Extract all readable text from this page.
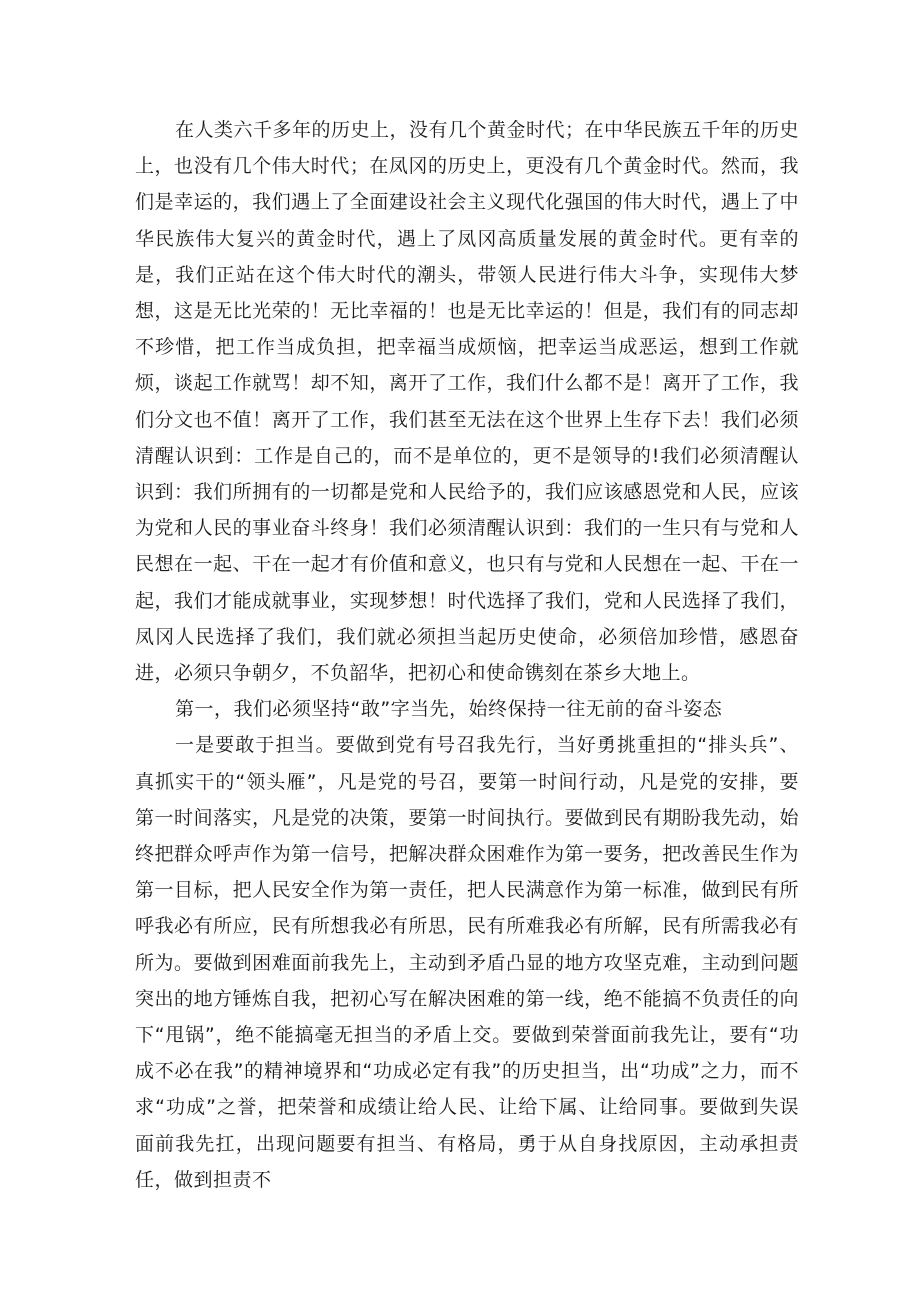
在人类六千多年的历史上，没有几个黄金时代；在中华民族五千年的历史上，也没有几个伟大时代；在凤冈的历史上，更没有几个黄金时代。然而，我们是幸运的，我们遇上了全面建设社会主义现代化强国的伟大时代，遇上了中华民族伟大复兴的黄金时代，遇上了凤冈高质量发展的黄金时代。更有幸的是，我们正站在这个伟大时代的潮头，带领人民进行伟大斗争，实现伟大梦想，这是无比光荣的！无比幸福的！也是无比幸运的！但是，我们有的同志却不珍惜，把工作当成负担，把幸福当成烦恼，把幸运当成恶运，想到工作就烦，谈起工作就骂！却不知，离开了工作，我们什么都不是！离开了工作，我们分文也不值！离开了工作，我们甚至无法在这个世界上生存下去！我们必须清醒认识到：工作是自己的，而不是单位的，更不是领导的!我们必须清醒认识到：我们所拥有的一切都是党和人民给予的，我们应该感恩党和人民，应该为党和人民的事业奋斗终身！我们必须清醒认识到：我们的一生只有与党和人民想在一起、干在一起才有价值和意义，也只有与党和人民想在一起、干在一起，我们才能成就事业，实现梦想！时代选择了我们，党和人民选择了我们，凤冈人民选择了我们，我们就必须担当起历史使命，必须倍加珍惜，感恩奋进，必须只争朝夕，不负韶华，把初心和使命镌刻在茶乡大地上。

第一，我们必须坚持“敢”字当先，始终保持一往无前的奋斗姿态

一是要敢于担当。要做到党有号召我先行，当好勇挑重担的“排头兵”、真抓实干的“领头雁”，凡是党的号召，要第一时间行动，凡是党的安排，要第一时间落实，凡是党的决策，要第一时间执行。要做到民有期盼我先动，始终把群众呼声作为第一信号，把解决群众困难作为第一要务，把改善民生作为第一目标，把人民安全作为第一责任，把人民满意作为第一标准，做到民有所呼我必有所应，民有所想我必有所思，民有所难我必有所解，民有所需我必有所为。要做到困难面前我先上，主动到矛盾凸显的地方攻坚克难，主动到问题突出的地方锤炼自我，把初心写在解决困难的第一线，绝不能搞不负责任的向下“甩锅”，绝不能搞毫无担当的矛盾上交。要做到荣誉面前我先让，要有“功成不必在我”的精神境界和“功成必定有我”的历史担当，出“功成”之力，而不求“功成”之誉，把荣誉和成绩让给人民、让给下属、让给同事。要做到失误面前我先扛，出现问题要有担当、有格局，勇于从自身找原因，主动承担责任，做到担责不
